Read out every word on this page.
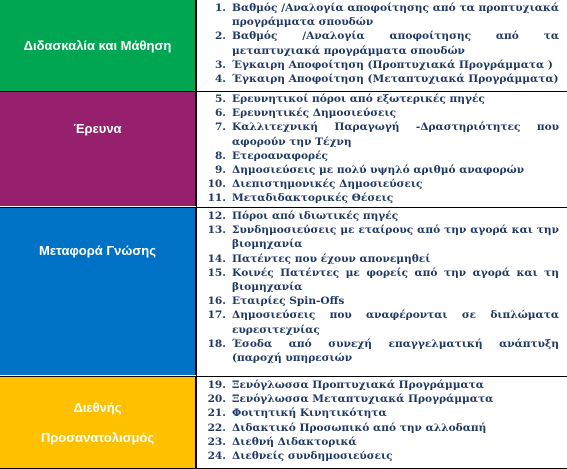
Διδασκαλία και Μάθηση
1. Βαθμός /Αναλογία αποφοίτησης από τα προπτυχιακά προγράμματα σπουδών
2. Βαθμός /Αναλογία αποφοίτησης από τα μεταπτυχιακά προγράμματα σπουδών
3. Έγκαιρη Αποφοίτηση (Προπτυχιακά Προγράμματα )
4. Έγκαιρη Αποφοίτηση (Μεταπτυχιακά Προγράμματα)
Έρευνα
5. Ερευνητικοί πόροι από εξωτερικές πηγές
6. Ερευνητικές Δημοσιεύσεις
7. Καλλιτεχνική Παραγωγή -Δραστηριότητες που αφορούν την Τέχνη
8. Ετεροαναφορές
9. Δημοσιεύσεις με πολύ υψηλό αριθμό αναφορών
10. Διεπιστημονικές Δημοσιεύσεις
11. Μεταδιδακτορικές Θέσεις
Μεταφορά Γνώσης
12. Πόροι από ιδιωτικές πηγές
13. Συνδημοσιεύσεις με εταίρους από την αγορά και την βιομηχανία
14. Πατέντες που έχουν απονεμηθεί
15. Κοινές Πατέντες με φορείς από την αγορά και τη βιομηχανία
16. Εταιρίες Spin-Offs
17. Δημοσιεύσεις που αναφέρονται σε διπλώματα ευρεσιτεχνίας
18. Έσοδα από συνεχή επαγγελματική ανάπτυξη (παροχή υπηρεσιών
Διεθνής Προσανατολισμός
19. Ξενόγλωσσα Προπτυχιακά Προγράμματα
20. Ξενόγλωσσα Μεταπτυχιακά Προγράμματα
21. Φοιτητική Κινητικότητα
22. Διδακτικό Προσωπικό από την αλλοδαπή
23. Διεθνή Διδακτορικά
24. Διεθνείς συνδημοσιεύσεις
